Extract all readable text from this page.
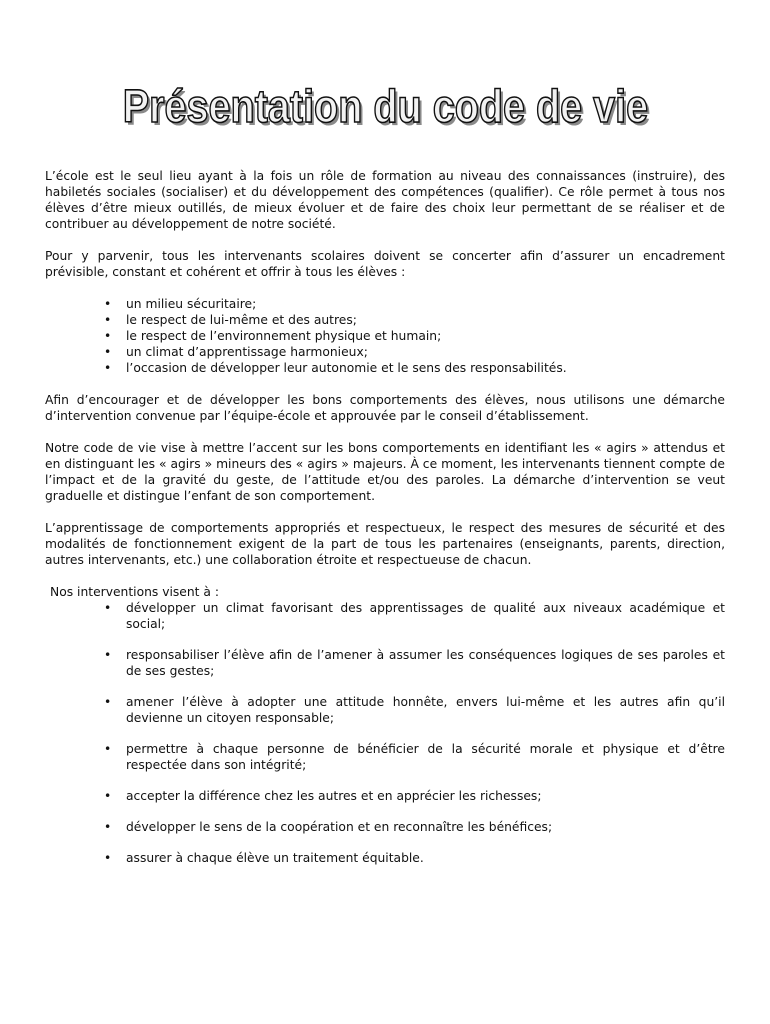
Présentation du code de vie

L’école est le seul lieu ayant à la fois un rôle de formation au niveau des connaissances (instruire), des habiletés sociales (socialiser) et du développement des compétences (qualifier). Ce rôle permet à tous nos élèves d’être mieux outillés, de mieux évoluer et de faire des choix leur permettant de se réaliser et de contribuer au développement de notre société.

Pour y parvenir, tous les intervenants scolaires doivent se concerter afin d’assurer un encadrement prévisible, constant et cohérent et offrir à tous les élèves :

• un milieu sécuritaire;
• le respect de lui-même et des autres;
• le respect de l’environnement physique et humain;
• un climat d’apprentissage harmonieux;
• l’occasion de développer leur autonomie et le sens des responsabilités.

Afin d’encourager et de développer les bons comportements des élèves, nous utilisons une démarche d’intervention convenue par l’équipe-école et approuvée par le conseil d’établissement.

Notre code de vie vise à mettre l’accent sur les bons comportements en identifiant les « agirs » attendus et en distinguant les « agirs » mineurs des « agirs » majeurs. À ce moment, les intervenants tiennent compte de l’impact et de la gravité du geste, de l’attitude et/ou des paroles. La démarche d’intervention se veut graduelle et distingue l’enfant de son comportement.

L’apprentissage de comportements appropriés et respectueux, le respect des mesures de sécurité et des modalités de fonctionnement exigent de la part de tous les partenaires (enseignants, parents, direction, autres intervenants, etc.) une collaboration étroite et respectueuse de chacun.

Nos interventions visent à :

• développer un climat favorisant des apprentissages de qualité aux niveaux académique et social;
• responsabiliser l’élève afin de l’amener à assumer les conséquences logiques de ses paroles et de ses gestes;
• amener l’élève à adopter une attitude honnête, envers lui-même et les autres afin qu’il devienne un citoyen responsable;
• permettre à chaque personne de bénéficier de la sécurité morale et physique et d’être respectée dans son intégrité;
• accepter la différence chez les autres et en apprécier les richesses;
• développer le sens de la coopération et en reconnaître les bénéfices;
• assurer à chaque élève un traitement équitable.
